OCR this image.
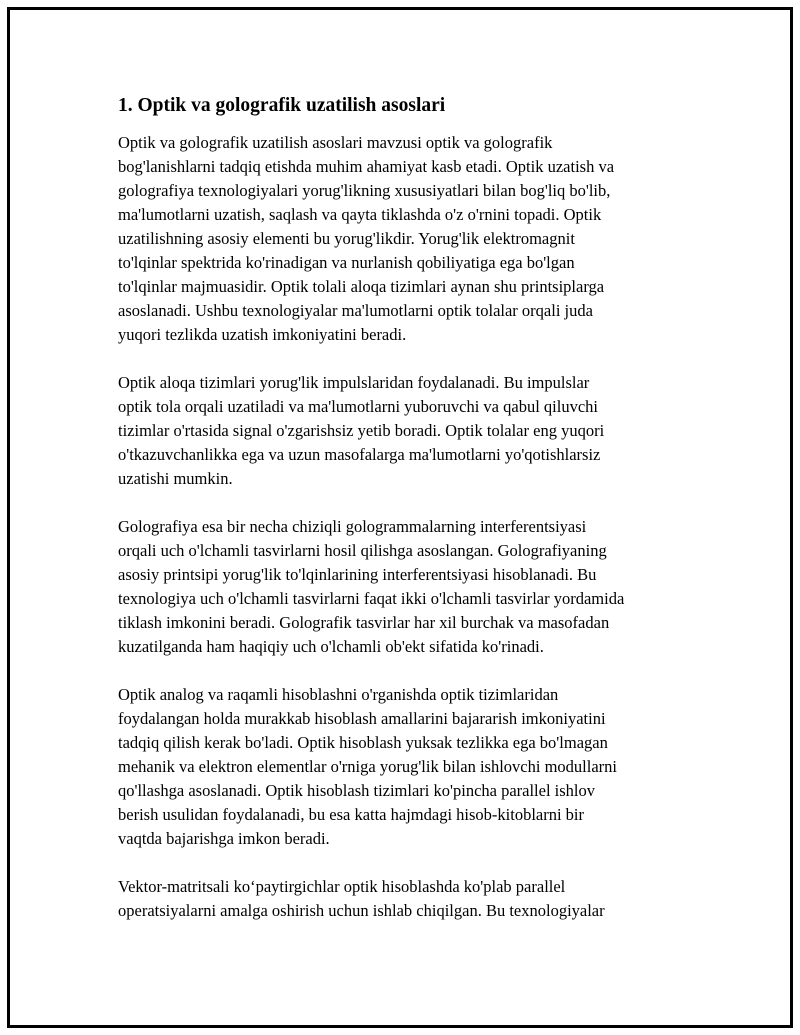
1. Optik va golografik uzatilish asoslari

Optik va golografik uzatilish asoslari mavzusi optik va golografik
bog'lanishlarni tadqiq etishda muhim ahamiyat kasb etadi. Optik uzatish va
golografiya texnologiyalari yorug'likning xususiyatlari bilan bog'liq bo'lib,
ma'lumotlarni uzatish, saqlash va qayta tiklashda o'z o'rnini topadi. Optik
uzatilishning asosiy elementi bu yorug'likdir. Yorug'lik elektromagnit
to'lqinlar spektrida ko'rinadigan va nurlanish qobiliyatiga ega bo'lgan
to'lqinlar majmuasidir. Optik tolali aloqa tizimlari aynan shu printsiplarga
asoslanadi. Ushbu texnologiyalar ma'lumotlarni optik tolalar orqali juda
yuqori tezlikda uzatish imkoniyatini beradi.

Optik aloqa tizimlari yorug'lik impulslaridan foydalanadi. Bu impulslar
optik tola orqali uzatiladi va ma'lumotlarni yuboruvchi va qabul qiluvchi
tizimlar o'rtasida signal o'zgarishsiz yetib boradi. Optik tolalar eng yuqori
o'tkazuvchanlikka ega va uzun masofalarga ma'lumotlarni yo'qotishlarsiz
uzatishi mumkin.

Golografiya esa bir necha chiziqli gologrammalarning interferentsiyasi
orqali uch o'lchamli tasvirlarni hosil qilishga asoslangan. Golografiyaning
asosiy printsipi yorug'lik to'lqinlarining interferentsiyasi hisoblanadi. Bu
texnologiya uch o'lchamli tasvirlarni faqat ikki o'lchamli tasvirlar yordamida
tiklash imkonini beradi. Golografik tasvirlar har xil burchak va masofadan
kuzatilganda ham haqiqiy uch o'lchamli ob'ekt sifatida ko'rinadi.

Optik analog va raqamli hisoblashni o'rganishda optik tizimlaridan
foydalangan holda murakkab hisoblash amallarini bajararish imkoniyatini
tadqiq qilish kerak bo'ladi. Optik hisoblash yuksak tezlikka ega bo'lmagan
mehanik va elektron elementlar o'rniga yorug'lik bilan ishlovchi modullarni
qo'llashga asoslanadi. Optik hisoblash tizimlari ko'pincha parallel ishlov
berish usulidan foydalanadi, bu esa katta hajmdagi hisob-kitoblarni bir
vaqtda bajarishga imkon beradi.

Vektor-matritsali ko‘paytirgichlar optik hisoblashda ko'plab parallel
operatsiyalarni amalga oshirish uchun ishlab chiqilgan. Bu texnologiyalar
